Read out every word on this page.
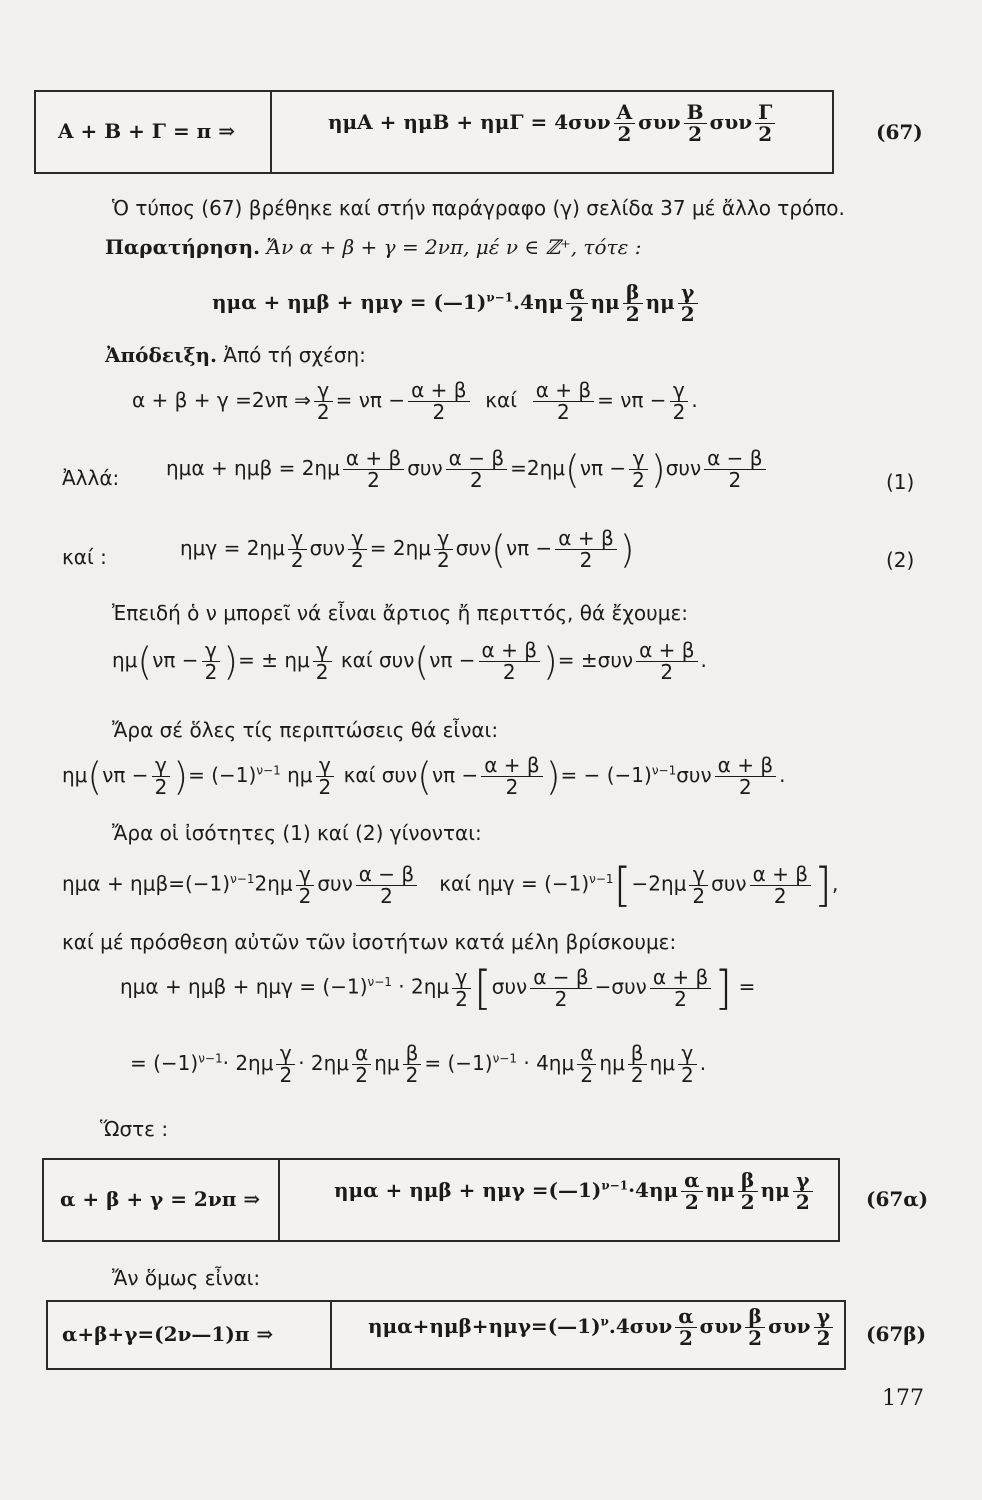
Α + Β + Γ = π ⇒	$\eta\mu A + \eta\mu B + \eta\mu\Gamma = 4\sigma\upsilon\nu \frac{A}{2}$ συν $\frac{B}{2}$ συν $\frac{\Gamma}{2}$	(67)
Ὁ τύπος (67) βρέθηκε καί στήν παράγραφο (γ) σελίδα 37 μέ ἄλλο τρόπο.
Παρατήρηση. Ἄν α + β + γ = 2νπ, μέ ν ∈ ℤ⁺, τότε :
ημα + ημβ + ημγ = (—1)$^{\nu-1}$.4ημ $\frac{\alpha}{2}$ ημ $\frac{\beta}{2}$ ημ $\frac{\gamma}{2}$
Ἀπόδειξη. Ἀπό τή σχέση:
α + β + γ =2νπ ⇒ $\frac{\gamma}{2} = \nu\pi - \frac{\alpha + \beta}{2}$ καί $\frac{\alpha + \beta}{2} = \nu\pi - \frac{\gamma}{2}$ .
Ἀλλά: $\eta\mu\alpha + \eta\mu\beta = 2\eta\mu \frac{\alpha + \beta}{2}$ συν $\frac{\alpha - \beta}{2} =2\eta\mu(\nu\pi - \frac{\gamma}{2} )\sigma\upsilon\nu \frac{\alpha - \beta}{2}$	(1)
καί :	$\eta\mu\gamma = 2\eta\mu \frac{\gamma}{2}$ συν $\frac{\gamma}{2} = 2\eta\mu \frac{\gamma}{2} \sigma\upsilon\nu(\nu\pi - \frac{\alpha + \beta}{2}$ )	(2)
Ἐπειδή ὁ ν μπορεῖ νά εἶναι ἄρτιος ἤ περιττός, θά ἔχουμε:
$\eta\mu(\nu\pi - \frac{\gamma}{2}$ )= ± ημ $\frac{\gamma}{2}$ καί $\sigma\upsilon\nu(\nu\pi - \frac{\alpha + \beta}{2}$ )= $\pm\sigma\upsilon\nu \frac{\alpha + \beta}{2}$ .
Ἄρα σέ ὅλες τίς περιπτώσεις θά εἶναι:
$\eta\mu(\nu\pi - \frac{\gamma}{2}$ )= $(-1)^{\nu-1}$ ημ $\frac{\gamma}{2}$ καί $\sigma\upsilon\nu(\nu\pi - \frac{\alpha + \beta}{2}$ )= − $(-1)^{\nu-1}\sigma\upsilon\nu \frac{\alpha + \beta}{2}$ .
Ἄρα οἱ ἰσότητες (1) καί (2) γίνονται:
$\eta\mu\alpha + \eta\mu\beta=(-1)^{\nu-1}2\eta\mu \frac{\gamma}{2}$ συν $\frac{\alpha - \beta}{2}$ καί $\eta\mu\gamma = (-1)^{\nu-1}[-2\eta\mu \frac{\gamma}{2}$ συν $\frac{\alpha + \beta}{2}$ ],
καί μέ πρόσθεση αὐτῶν τῶν ἰσοτήτων κατά μέλη βρίσκουμε:
$\eta\mu\alpha + \eta\mu\beta + \eta\mu\gamma = (-1)^{\nu-1} \cdot 2\eta\mu \frac{\gamma}{2} [\sigma\upsilon\nu \frac{\alpha - \beta}{2} -\sigma\upsilon\nu \frac{\alpha + \beta}{2}$ ] =
= $(-1)^{\nu-1}\cdot 2\eta\mu \frac{\gamma}{2} \cdot 2\eta\mu \frac{\alpha}{2}$ ημ $\frac{\beta}{2} = (-1)^{\nu-1} \cdot 4\eta\mu \frac{\alpha}{2}$ ημ $\frac{\beta}{2}$ ημ $\frac{\gamma}{2}$ .
Ὥστε :
α + β + γ = 2νπ ⇒	ημα + ημβ + ημγ =(—1)$^{\nu-1}$·4ημ $\frac{\alpha}{2}$ ημ $\frac{\beta}{2}$ ημ $\frac{\gamma}{2}$	(67α)
Ἄν ὅμως εἶναι:
α+β+γ=(2ν—1)π ⇒	ημα+ημβ+ημγ=(—1)$^\nu$.4συν $\frac{\alpha}{2}$ συν $\frac{\beta}{2}$ συν $\frac{\gamma}{2} (67\beta)$
177
